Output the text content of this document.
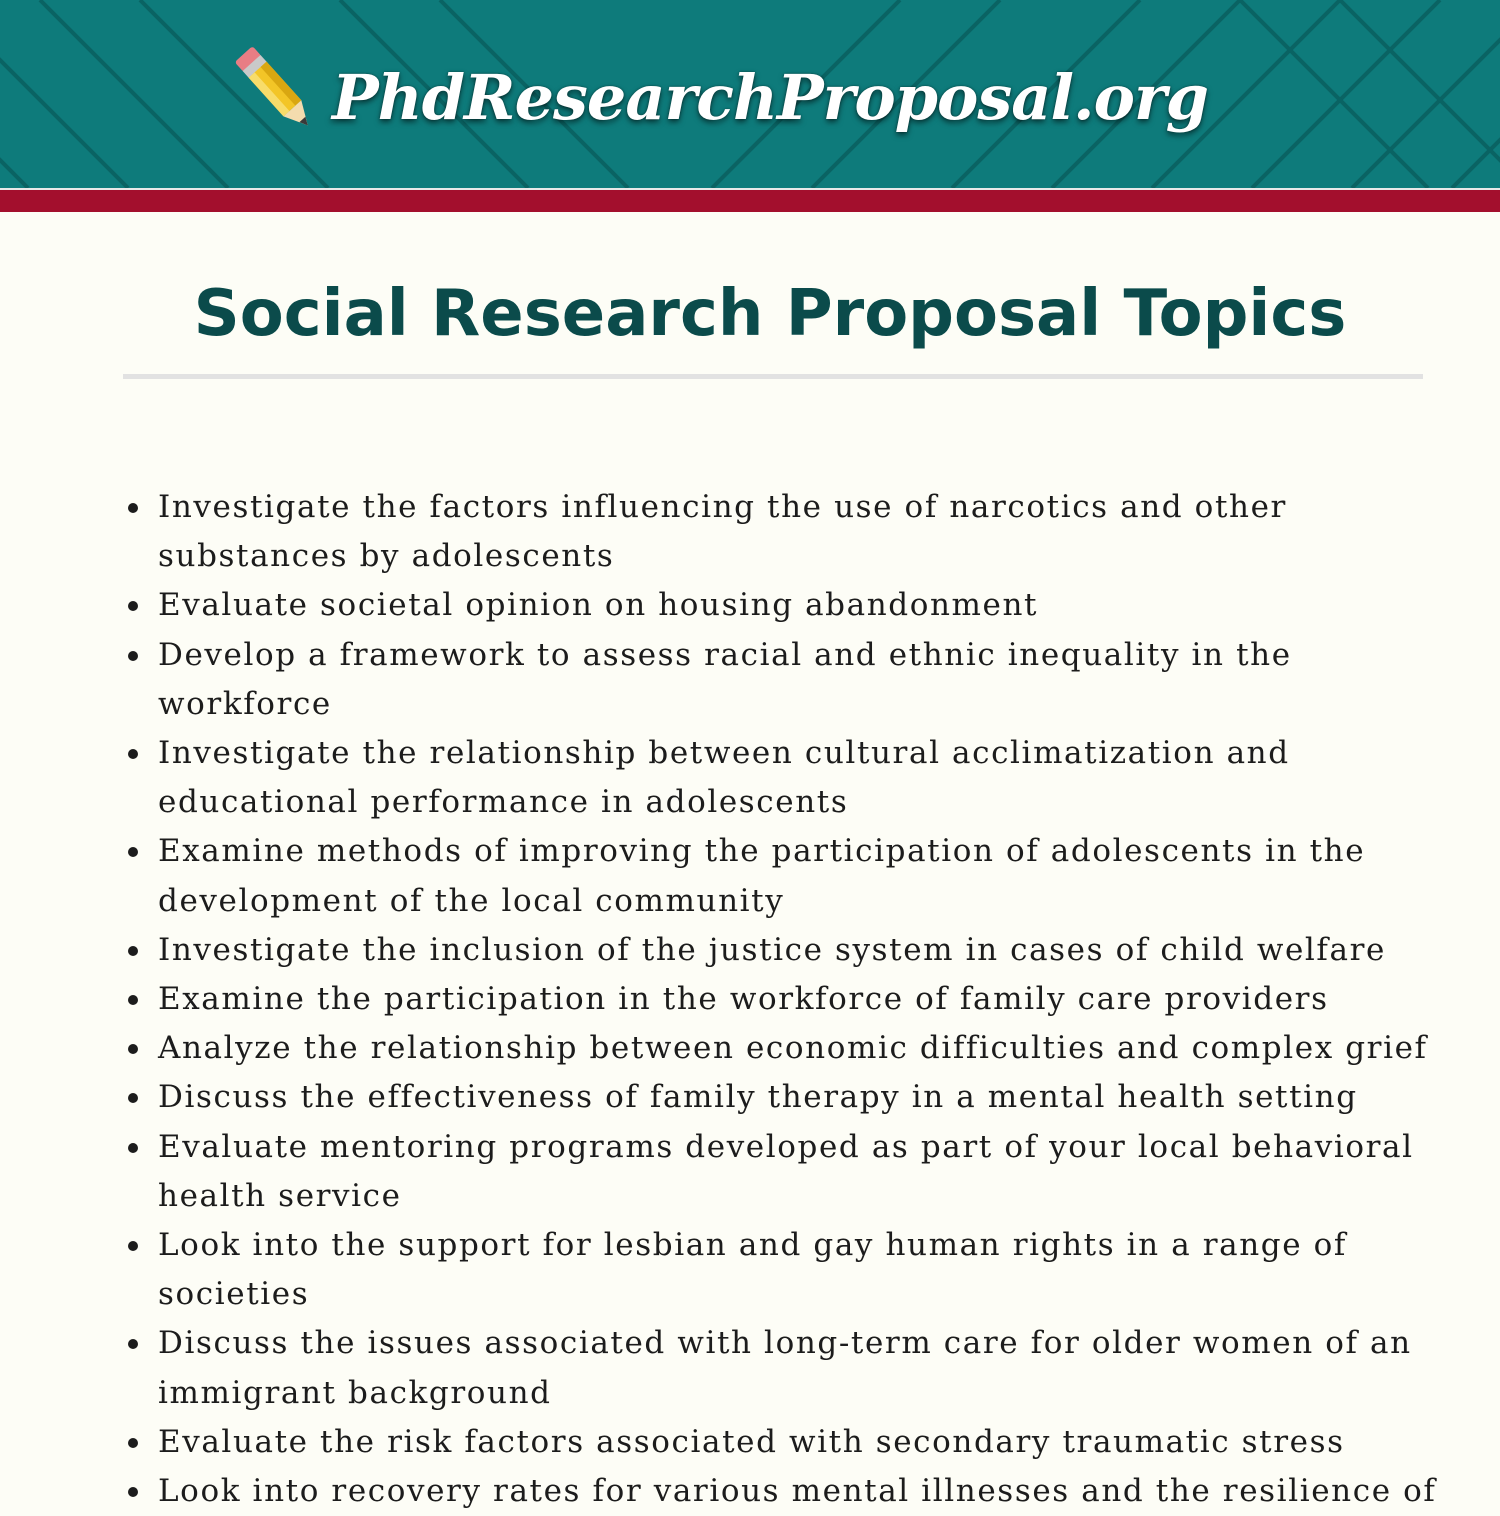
PhdResearchProposal.org
Social Research Proposal Topics
Investigate the factors influencing the use of narcotics and other substances by adolescents
Evaluate societal opinion on housing abandonment
Develop a framework to assess racial and ethnic inequality in the workforce
Investigate the relationship between cultural acclimatization and educational performance in adolescents
Examine methods of improving the participation of adolescents in the development of the local community
Investigate the inclusion of the justice system in cases of child welfare
Examine the participation in the workforce of family care providers
Analyze the relationship between economic difficulties and complex grief
Discuss the effectiveness of family therapy in a mental health setting
Evaluate mentoring programs developed as part of your local behavioral health service
Look into the support for lesbian and gay human rights in a range of societies
Discuss the issues associated with long-term care for older women of an immigrant background
Evaluate the risk factors associated with secondary traumatic stress
Look into recovery rates for various mental illnesses and the resilience of
